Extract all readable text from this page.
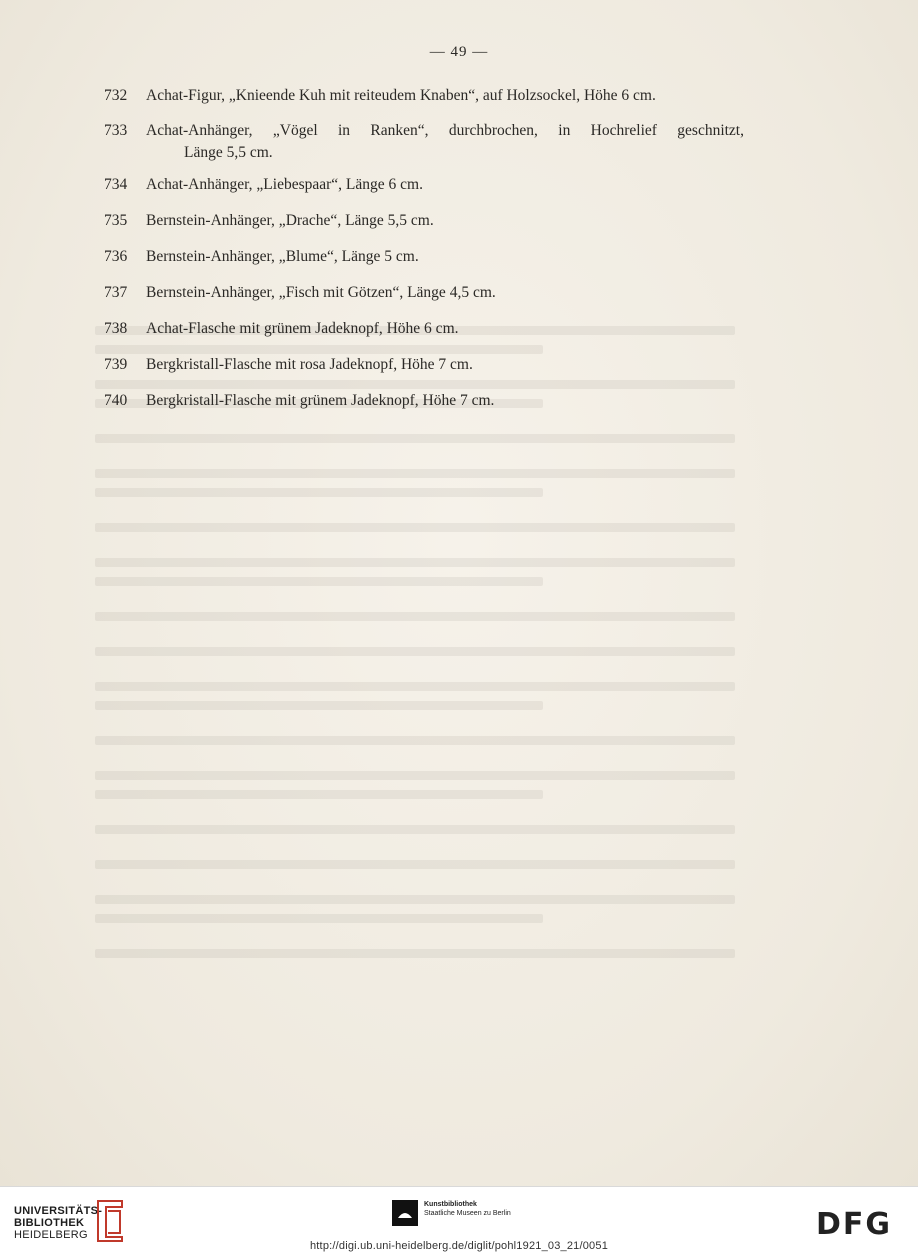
— 49 —
732	Achat-Figur, „Knieende Kuh mit reiteudem Knaben“, auf Holzsockel, Höhe 6 cm.
733	Achat-Anhänger, „Vögel in Ranken“, durchbrochen, in Hochrelief geschnitzt,
Länge 5,5 cm.
734	Achat-Anhänger, „Liebespaar“, Länge 6 cm.
735	Bernstein-Anhänger, „Drache“, Länge 5,5 cm.
736	Bernstein-Anhänger, „Blume“, Länge 5 cm.
737	Bernstein-Anhänger, „Fisch mit Götzen“, Länge 4,5 cm.
738	Achat-Flasche mit grünem Jadeknopf, Höhe 6 cm.
739	Bergkristall-Flasche mit rosa Jadeknopf, Höhe 7 cm.
740	Bergkristall-Flasche mit grünem Jadeknopf, Höhe 7 cm.
UNIVERSITÄTS-
BIBLIOTHEK
HEIDELBERG
Kunstbibliothek
Staatliche Museen zu Berlin
http://digi.ub.uni-heidelberg.de/diglit/pohl1921_03_21/0051
DFG
